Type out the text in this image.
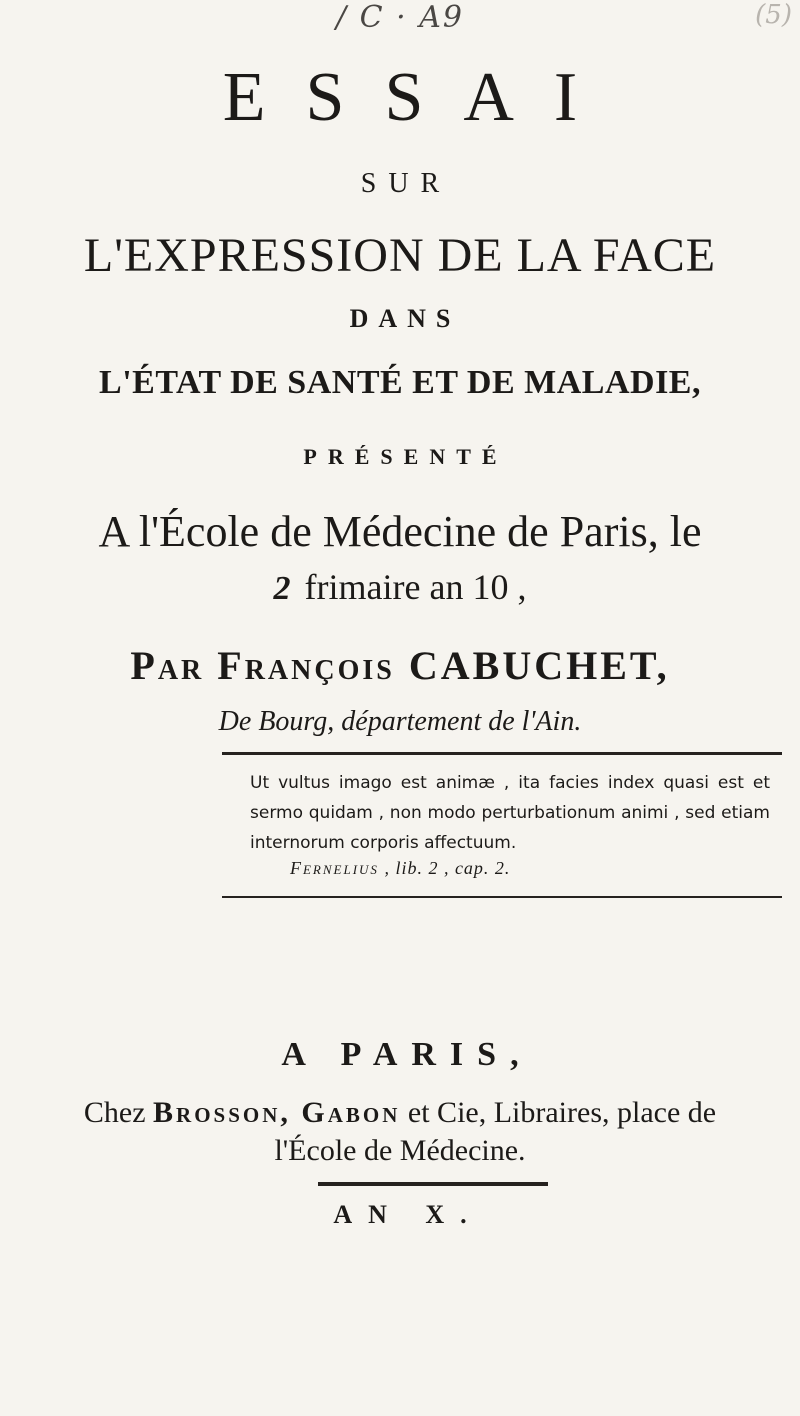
/ C · A9	(5)
ESSAI
SUR
L'EXPRESSION DE LA FACE
DANS
L'ÉTAT DE SANTÉ ET DE MALADIE,
PRÉSENTÉ
A l'École de Médecine de Paris, le
2 frimaire an 10 ,
Par François CABUCHET,
De Bourg, département de l'Ain.

Ut vultus imago est animæ , ita facies index quasi est et sermo quidam , non modo perturbationum animi , sed etiam internorum corporis affectuum.

Fernelius , lib. 2 , cap. 2.
A PARIS,
Chez Brosson, Gabon et Cie, Libraires, place de
l'École de Médecine.
AN X.
